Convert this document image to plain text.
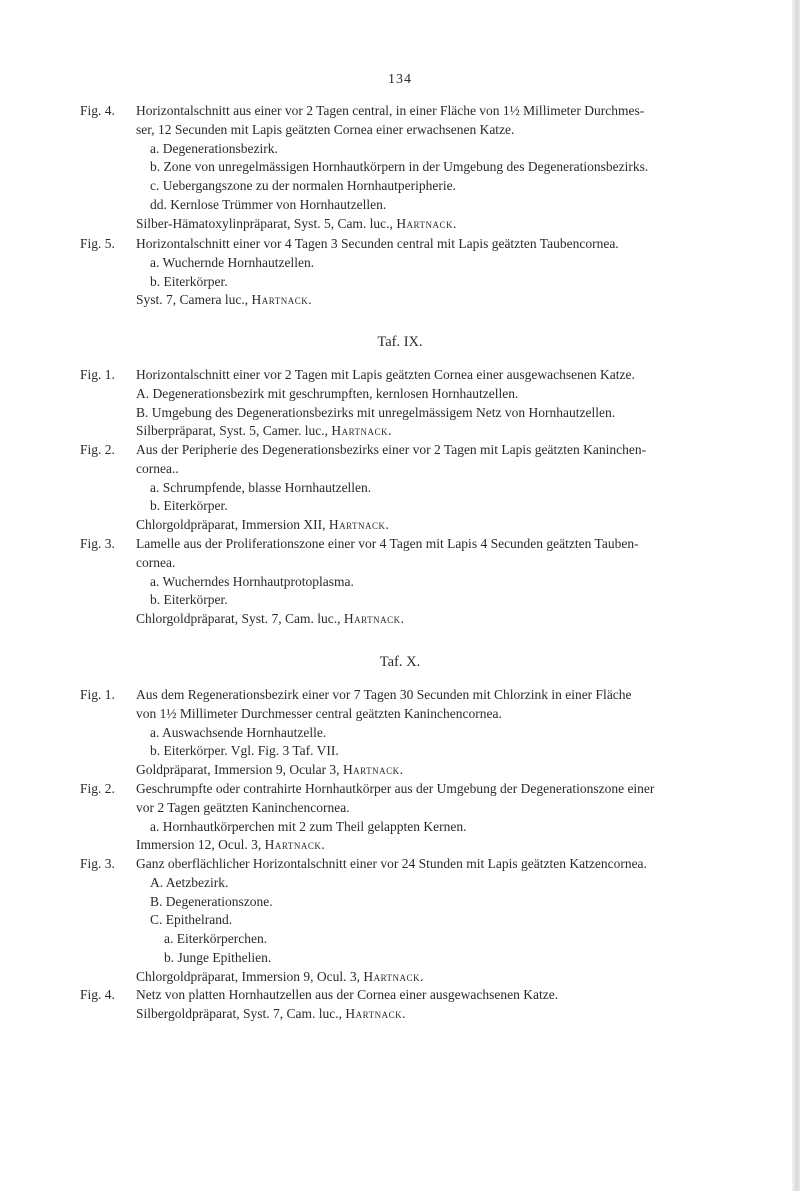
134
Fig. 4.	Horizontalschnitt aus einer vor 2 Tagen central, in einer Fläche von 1½ Millimeter Durchmes-
ser, 12 Secunden mit Lapis geätzten Cornea einer erwachsenen Katze.
a. Degenerationsbezirk.
b. Zone von unregelmässigen Hornhautkörpern in der Umgebung des Degenerationsbezirks.
c. Uebergangszone zu der normalen Hornhautperipherie.
dd. Kernlose Trümmer von Hornhautzellen.
Silber-Hämatoxylinpräparat, Syst. 5, Cam. luc., Hartnack.
Fig. 5.	Horizontalschnitt einer vor 4 Tagen 3 Secunden central mit Lapis geätzten Taubencornea.
a. Wuchernde Hornhautzellen.
b. Eiterkörper.
Syst. 7, Camera luc., Hartnack.
Taf. IX.
Fig. 1.	Horizontalschnitt einer vor 2 Tagen mit Lapis geätzten Cornea einer ausgewachsenen Katze.
A. Degenerationsbezirk mit geschrumpften, kernlosen Hornhautzellen.
B. Umgebung des Degenerationsbezirks mit unregelmässigem Netz von Hornhautzellen.
Silberpräparat, Syst. 5, Camer. luc., Hartnack.
Fig. 2.	Aus der Peripherie des Degenerationsbezirks einer vor 2 Tagen mit Lapis geätzten Kaninchen-
cornea..
a. Schrumpfende, blasse Hornhautzellen.
b. Eiterkörper.
Chlorgoldpräparat, Immersion XII, Hartnack.
Fig. 3.	Lamelle aus der Proliferationszone einer vor 4 Tagen mit Lapis 4 Secunden geätzten Tauben-
cornea.
a. Wucherndes Hornhautprotoplasma.
b. Eiterkörper.
Chlorgoldpräparat, Syst. 7, Cam. luc., Hartnack.
Taf. X.
Fig. 1.	Aus dem Regenerationsbezirk einer vor 7 Tagen 30 Secunden mit Chlorzink in einer Fläche
von 1½ Millimeter Durchmesser central geätzten Kaninchencornea.
a. Auswachsende Hornhautzelle.
b. Eiterkörper. Vgl. Fig. 3 Taf. VII.
Goldpräparat, Immersion 9, Ocular 3, Hartnack.
Fig. 2.	Geschrumpfte oder contrahirte Hornhautkörper aus der Umgebung der Degenerationszone einer
vor 2 Tagen geätzten Kaninchencornea.
a. Hornhautkörperchen mit 2 zum Theil gelappten Kernen.
Immersion 12, Ocul. 3, Hartnack.
Fig. 3.	Ganz oberflächlicher Horizontalschnitt einer vor 24 Stunden mit Lapis geätzten Katzencornea.
A. Aetzbezirk.
B. Degenerationszone.
C. Epithelrand.
a. Eiterkörperchen.
b. Junge Epithelien.
Chlorgoldpräparat, Immersion 9, Ocul. 3, Hartnack.
Fig. 4.	Netz von platten Hornhautzellen aus der Cornea einer ausgewachsenen Katze.
Silbergoldpräparat, Syst. 7, Cam. luc., Hartnack.
